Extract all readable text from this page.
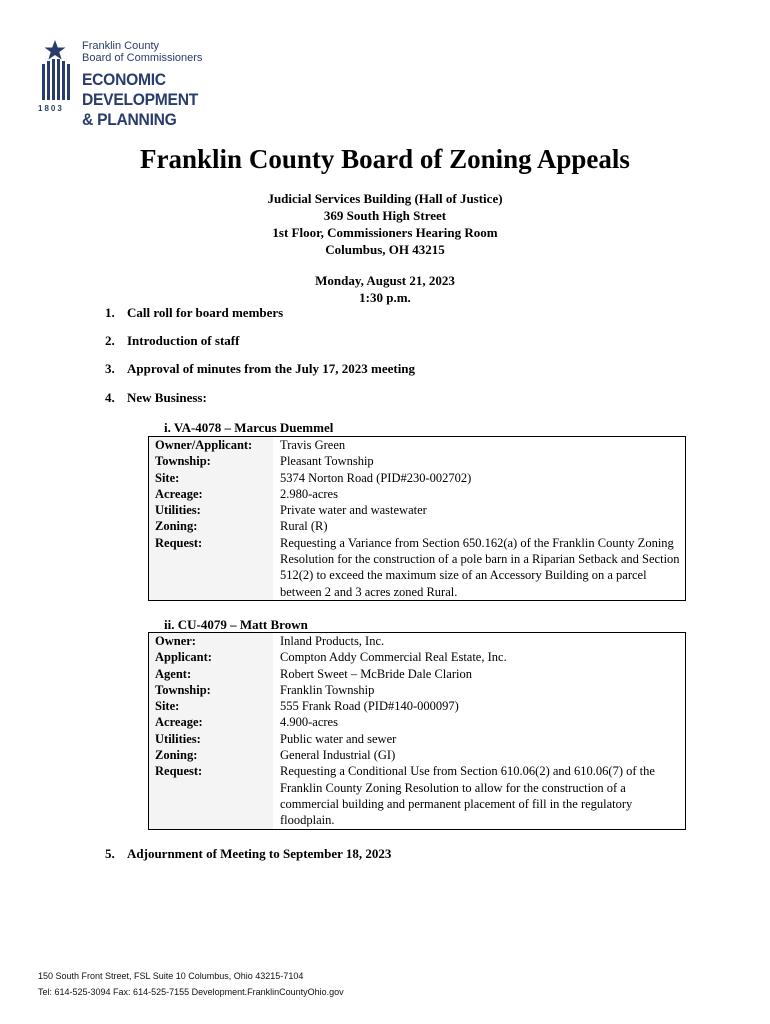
1803
Franklin County
Board of Commissioners
ECONOMIC DEVELOPMENT
& PLANNING
Franklin County Board of Zoning Appeals
Judicial Services Building (Hall of Justice)
369 South High Street
1st Floor, Commissioners Hearing Room
Columbus, OH 43215
Monday, August 21, 2023
1:30 p.m.
1. Call roll for board members
2. Introduction of staff
3. Approval of minutes from the July 17, 2023 meeting
4. New Business:
i. VA-4078 – Marcus Duemmel
Owner/Applicant:	Travis Green
Township:	Pleasant Township
Site:	5374 Norton Road (PID#230-002702)
Acreage:	2.980-acres
Utilities:	Private water and wastewater
Zoning:	Rural (R)
Request:	Requesting a Variance from Section 650.162(a) of the Franklin County Zoning Resolution for the construction of a pole barn in a Riparian Setback and Section 512(2) to exceed the maximum size of an Accessory Building on a parcel between 2 and 3 acres zoned Rural.
ii. CU-4079 – Matt Brown
Owner:	Inland Products, Inc.
Applicant:	Compton Addy Commercial Real Estate, Inc.
Agent:	Robert Sweet – McBride Dale Clarion
Township:	Franklin Township
Site:	555 Frank Road (PID#140-000097)
Acreage:	4.900-acres
Utilities:	Public water and sewer
Zoning:	General Industrial (GI)
Request:	Requesting a Conditional Use from Section 610.06(2) and 610.06(7) of the Franklin County Zoning Resolution to allow for the construction of a commercial building and permanent placement of fill in the regulatory floodplain.
5. Adjournment of Meeting to September 18, 2023
150 South Front Street, FSL Suite 10 Columbus, Ohio 43215-7104
Tel: 614-525-3094 Fax: 614-525-7155 Development.FranklinCountyOhio.gov
